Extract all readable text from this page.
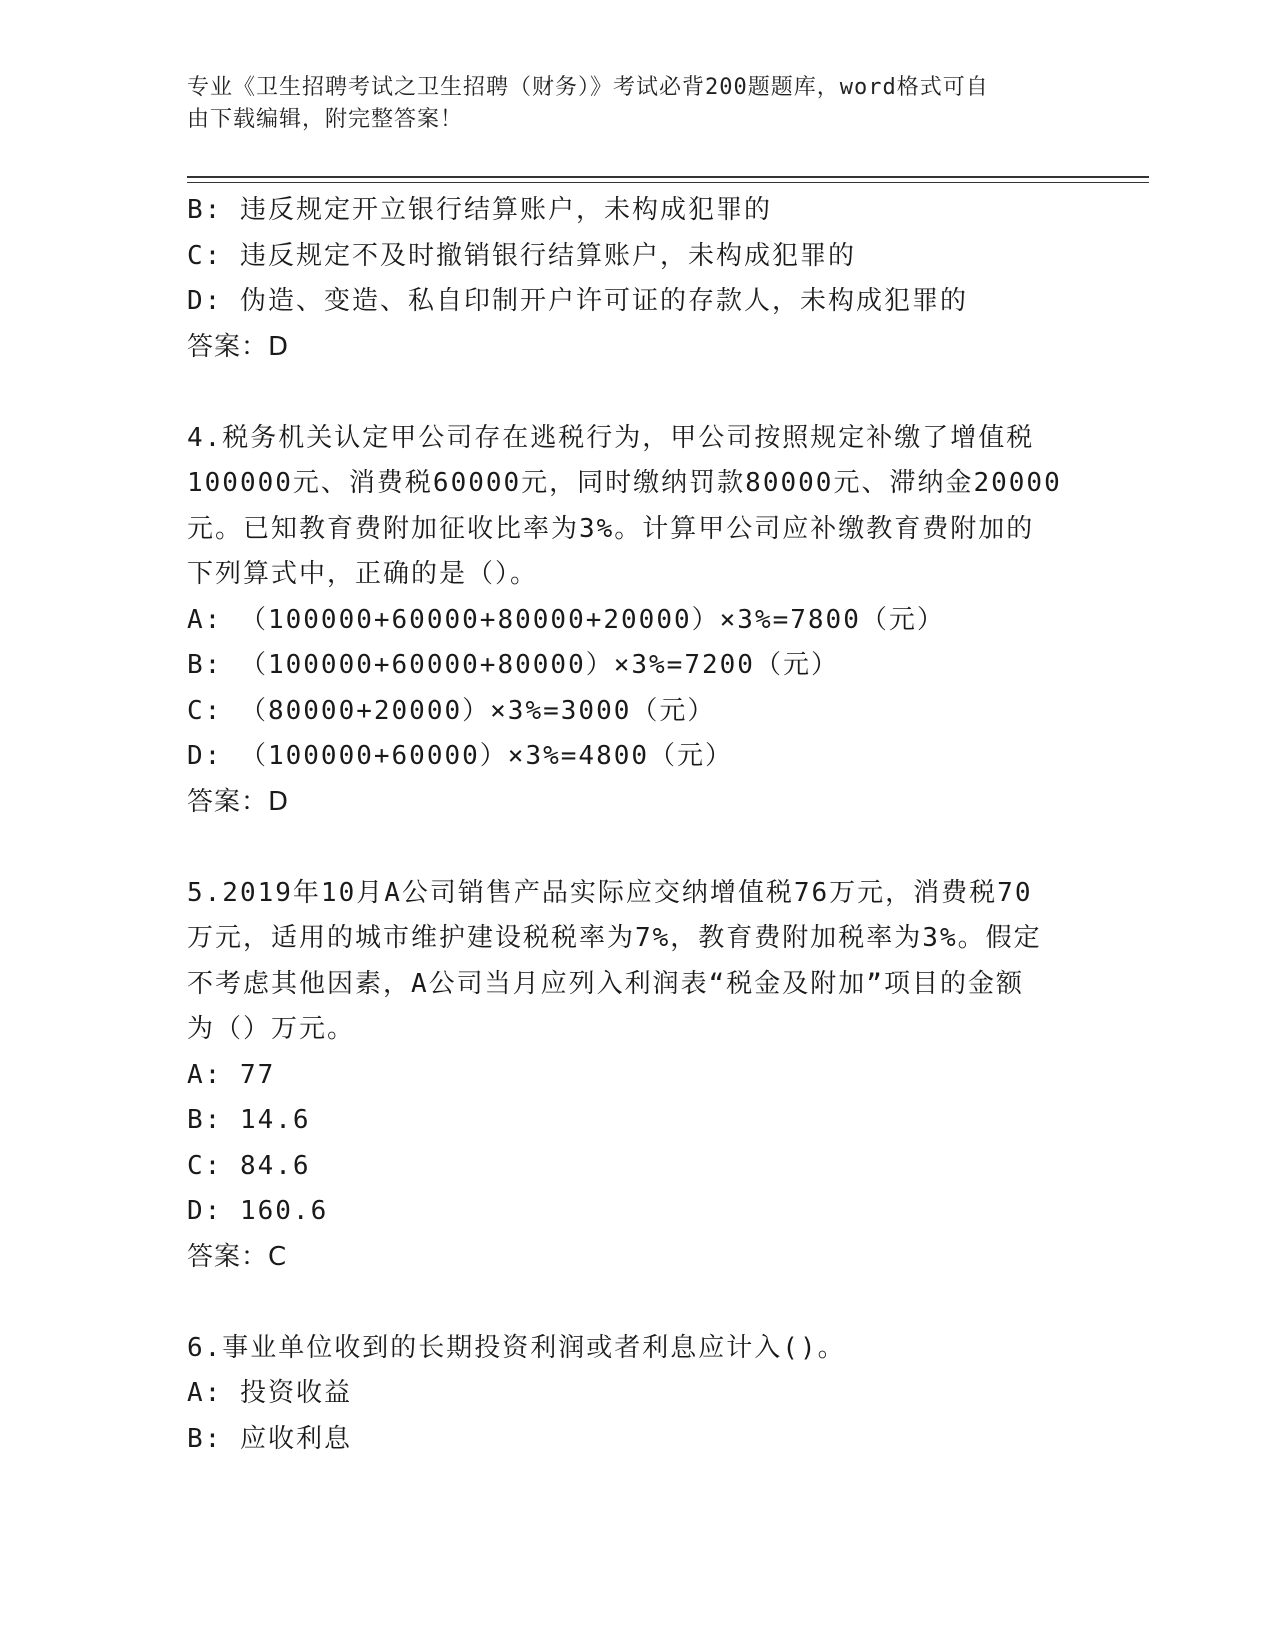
专业《卫生招聘考试之卫生招聘（财务）》考试必背200题题库，word格式可自
由下载编辑，附完整答案！
B: 违反规定开立银行结算账户，未构成犯罪的
C: 违反规定不及时撤销银行结算账户，未构成犯罪的
D: 伪造、变造、私自印制开户许可证的存款人，未构成犯罪的
答案：D
4.税务机关认定甲公司存在逃税行为，甲公司按照规定补缴了增值税
100000元、消费税60000元，同时缴纳罚款80000元、滞纳金20000
元。已知教育费附加征收比率为3%。计算甲公司应补缴教育费附加的
下列算式中，正确的是（）。
A: （100000+60000+80000+20000）×3%=7800（元）
B: （100000+60000+80000）×3%=7200（元）
C: （80000+20000）×3%=3000（元）
D: （100000+60000）×3%=4800（元）
答案：D
5.2019年10月A公司销售产品实际应交纳增值税76万元，消费税70
万元，适用的城市维护建设税税率为7%，教育费附加税率为3%。假定
不考虑其他因素，A公司当月应列入利润表“税金及附加”项目的金额
为（）万元。
A: 77
B: 14.6
C: 84.6
D: 160.6
答案：C
6.事业单位收到的长期投资利润或者利息应计入()。
A: 投资收益
B: 应收利息
